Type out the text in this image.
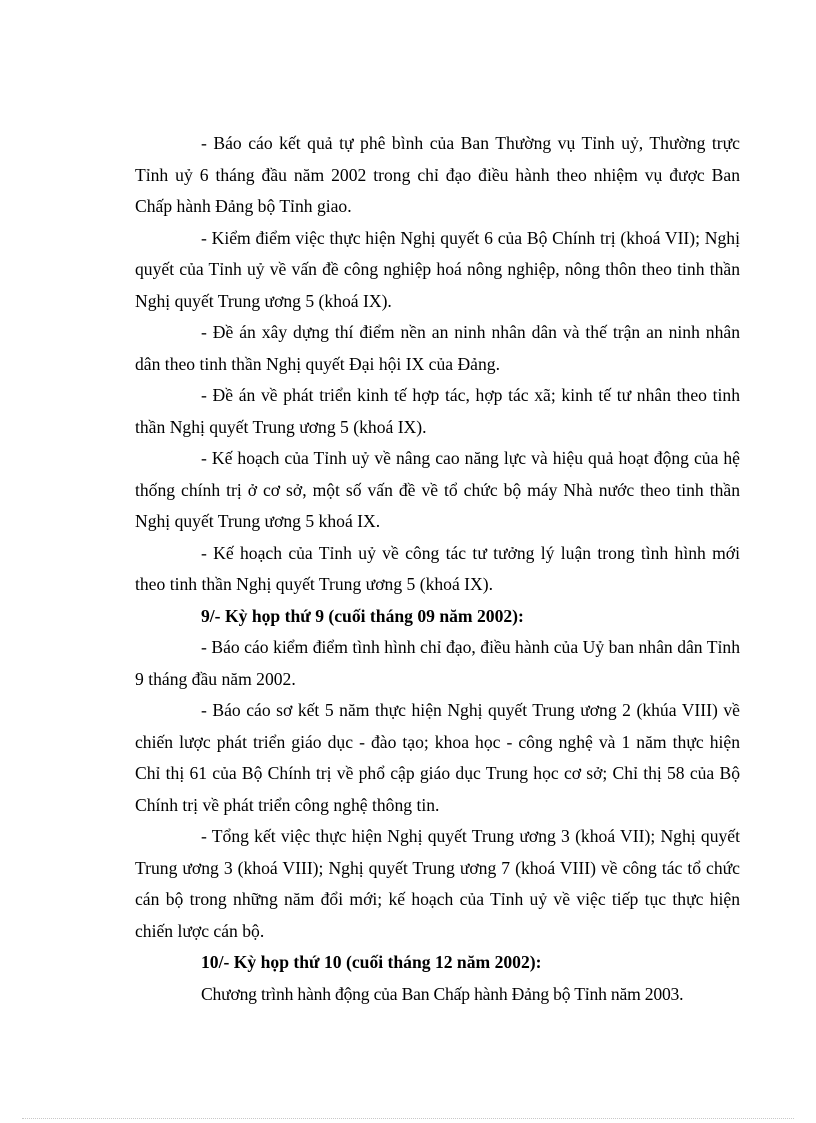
- Báo cáo kết quả tự phê bình của Ban Thường vụ Tỉnh uỷ, Thường trực Tỉnh uỷ 6 tháng đầu năm 2002 trong chỉ đạo điều hành theo nhiệm vụ được Ban Chấp hành Đảng bộ Tỉnh giao.

- Kiểm điểm việc thực hiện Nghị quyết 6 của Bộ Chính trị (khoá VII); Nghị quyết của Tỉnh uỷ về vấn đề công nghiệp hoá nông nghiệp, nông thôn theo tinh thần Nghị quyết Trung ương 5 (khoá IX).

- Đề án xây dựng thí điểm nền an ninh nhân dân và thế trận an ninh nhân dân theo tinh thần Nghị quyết Đại hội IX của Đảng.

- Đề án về phát triển kinh tế hợp tác, hợp tác xã; kinh tế tư nhân theo tinh thần Nghị quyết Trung ương 5 (khoá IX).

- Kế hoạch của Tỉnh uỷ về nâng cao năng lực và hiệu quả hoạt động của hệ thống chính trị ở cơ sở, một số vấn đề về tổ chức bộ máy Nhà nước theo tinh thần Nghị quyết Trung ương 5 khoá IX.

- Kế hoạch của Tỉnh uỷ về công tác tư tưởng lý luận trong tình hình mới theo tinh thần Nghị quyết Trung ương 5 (khoá IX).

9/- Kỳ họp thứ 9 (cuối tháng 09 năm 2002):

- Báo cáo kiểm điểm tình hình chỉ đạo, điều hành của Uỷ ban nhân dân Tỉnh 9 tháng đầu năm 2002.

- Báo cáo sơ kết 5 năm thực hiện Nghị quyết Trung ương 2 (khúa VIII) về chiến lược phát triển giáo dục - đào tạo; khoa học - công nghệ và 1 năm thực hiện Chỉ thị 61 của Bộ Chính trị về phổ cập giáo dục Trung học cơ sở; Chỉ thị 58 của Bộ Chính trị về phát triển công nghệ thông tin.

- Tổng kết việc thực hiện Nghị quyết Trung ương 3 (khoá VII); Nghị quyết Trung ương 3 (khoá VIII); Nghị quyết Trung ương 7 (khoá VIII) về công tác tổ chức cán bộ trong những năm đổi mới; kế hoạch của Tỉnh uỷ về việc tiếp tục thực hiện chiến lược cán bộ.

10/- Kỳ họp thứ 10 (cuối tháng 12 năm 2002):

Chương trình hành động của Ban Chấp hành Đảng bộ Tỉnh năm 2003.
